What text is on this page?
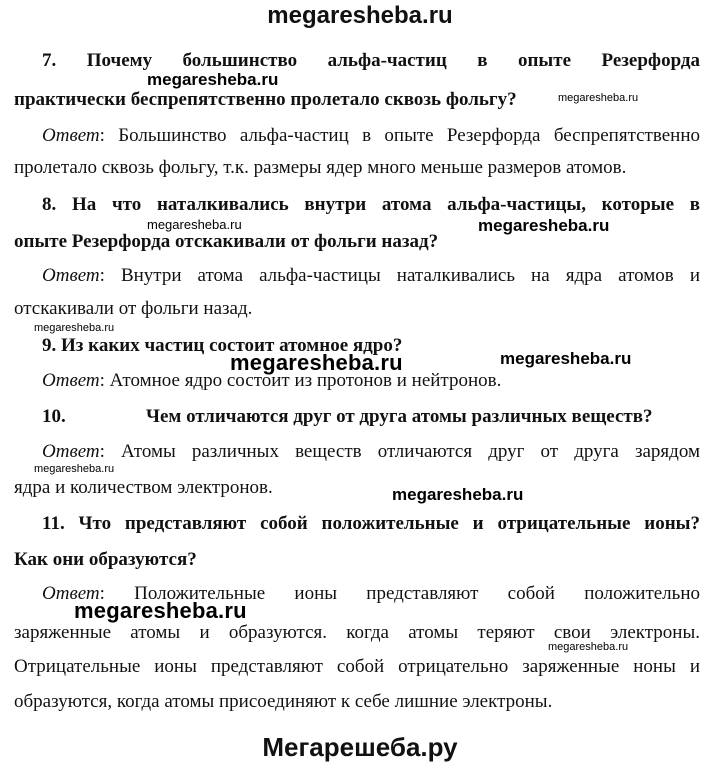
megaresheba.ru
7. Почему большинство альфа-частиц в опыте Резерфорда
практически беспрепятственно пролетало сквозь фольгу?
Ответ: Большинство альфа-частиц в опыте Резерфорда беспрепятственно
пролетало сквозь фольгу, т.к. размеры ядер много меньше размеров атомов.
8. На что наталкивались внутри атома альфа-частицы, которые в
опыте Резерфорда отскакивали от фольги назад?
Ответ: Внутри атома альфа-частицы наталкивались на ядра атомов и
отскакивали от фольги назад.
9. Из каких частиц состоит атомное ядро?
Ответ: Атомное ядро состоит из протонов и нейтронов.
10.	Чем отличаются друг от друга атомы различных веществ?
Ответ: Атомы различных веществ отличаются друг от друга зарядом
ядра и количеством электронов.
11. Что представляют собой положительные и отрицательные ионы?
Как они образуются?
Ответ: Положительные ионы представляют собой положительно
заряженные атомы и образуются. когда атомы теряют свои электроны.
Отрицательные ионы представляют собой отрицательно заряженные ноны и
образуются, когда атомы присоединяют к себе лишние электроны.
megaresheba.ru
megaresheba.ru
megaresheba.ru	megaresheba.ru
megaresheba.ru
megaresheba.ru	megaresheba.ru
megaresheba.ru
megaresheba.ru
megaresheba.ru
megaresheba.ru
Мегарешеба.ру
